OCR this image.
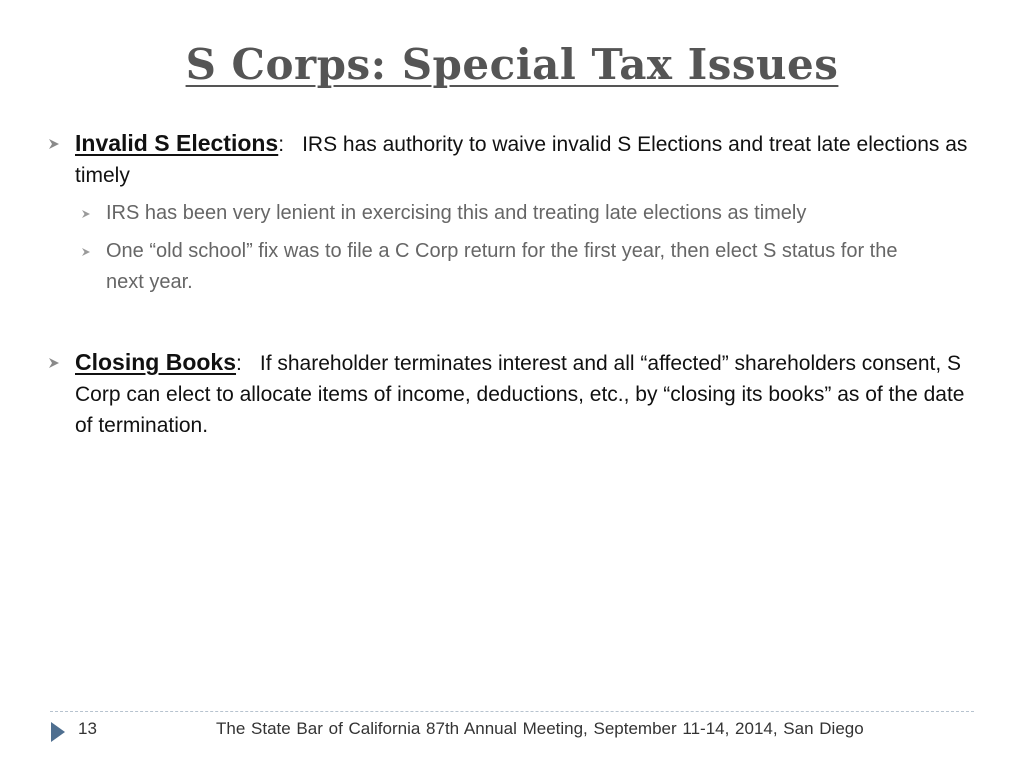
S Corps: Special Tax Issues
Invalid S Elections: IRS has authority to waive invalid S Elections and treat late elections as timely
IRS has been very lenient in exercising this and treating late elections as timely
One “old school” fix was to file a C Corp return for the first year, then elect S status for the next year.
Closing Books: If shareholder terminates interest and all “affected” shareholders consent, S Corp can elect to allocate items of income, deductions, etc., by “closing its books” as of the date of termination.
13	The State Bar of California 87th Annual Meeting, September 11-14, 2014, San Diego
